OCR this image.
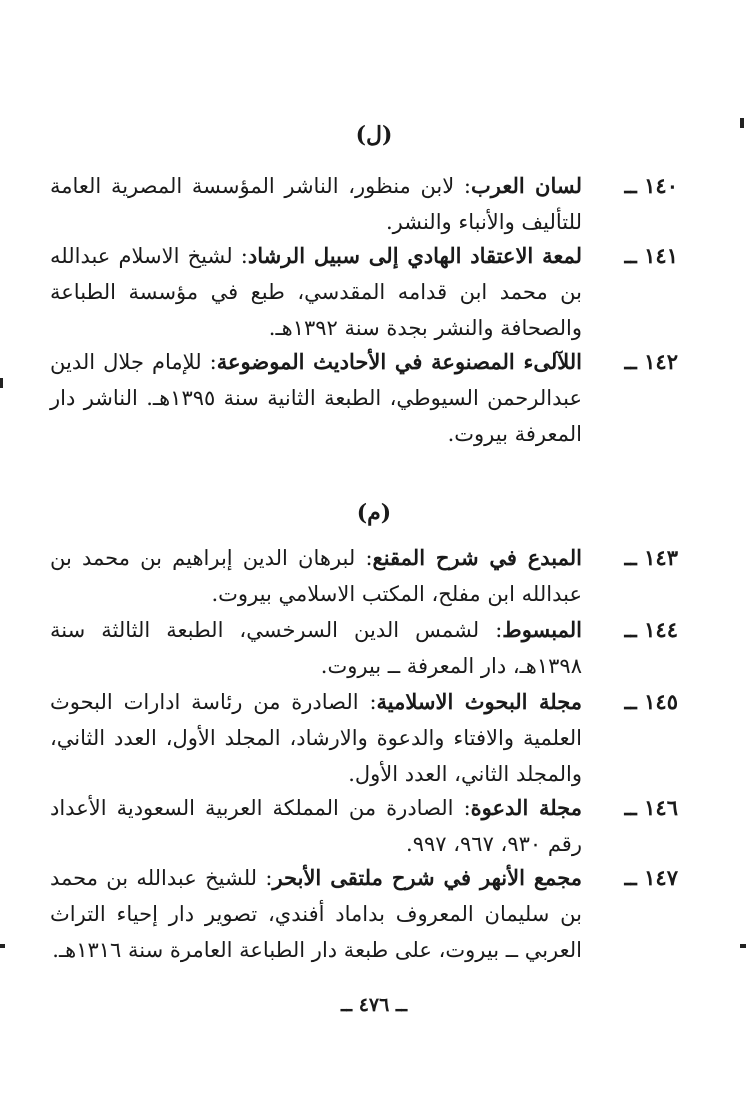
(ل)
١٤٠ ــ
لسان العرب: لابن منظور، الناشر المؤسسة المصرية العامة للتأليف والأنباء والنشر.
١٤١ ــ
لمعة الاعتقاد الهادي إلى سبيل الرشاد: لشيخ الاسلام عبدالله بن محمد ابن قدامه المقدسي، طبع في مؤسسة الطباعة والصحافة والنشر بجدة سنة ١٣٩٢هـ.
١٤٢ ــ
اللآلىء المصنوعة في الأحاديث الموضوعة: للإمام جلال الدين عبدالرحمن السيوطي، الطبعة الثانية سنة ١٣٩٥هـ. الناشر دار المعرفة بيروت.
(م)
١٤٣ ــ
المبدع في شرح المقنع: لبرهان الدين إبراهيم بن محمد بن عبدالله ابن مفلح، المكتب الاسلامي بيروت.
١٤٤ ــ
المبسوط: لشمس الدين السرخسي، الطبعة الثالثة سنة ١٣٩٨هـ، دار المعرفة ــ بيروت.
١٤٥ ــ
مجلة البحوث الاسلامية: الصادرة من رئاسة ادارات البحوث العلمية والافتاء والدعوة والارشاد، المجلد الأول، العدد الثاني، والمجلد الثاني، العدد الأول.
١٤٦ ــ
مجلة الدعوة: الصادرة من المملكة العربية السعودية الأعداد رقم ٩٣٠، ٩٦٧، ٩٩٧.
١٤٧ ــ
مجمع الأنهر في شرح ملتقى الأبحر: للشيخ عبدالله بن محمد بن سليمان المعروف بداماد أفندي، تصوير دار إحياء التراث العربي ــ بيروت، على طبعة دار الطباعة العامرة سنة ١٣١٦هـ.
ــ ٤٧٦ ــ
